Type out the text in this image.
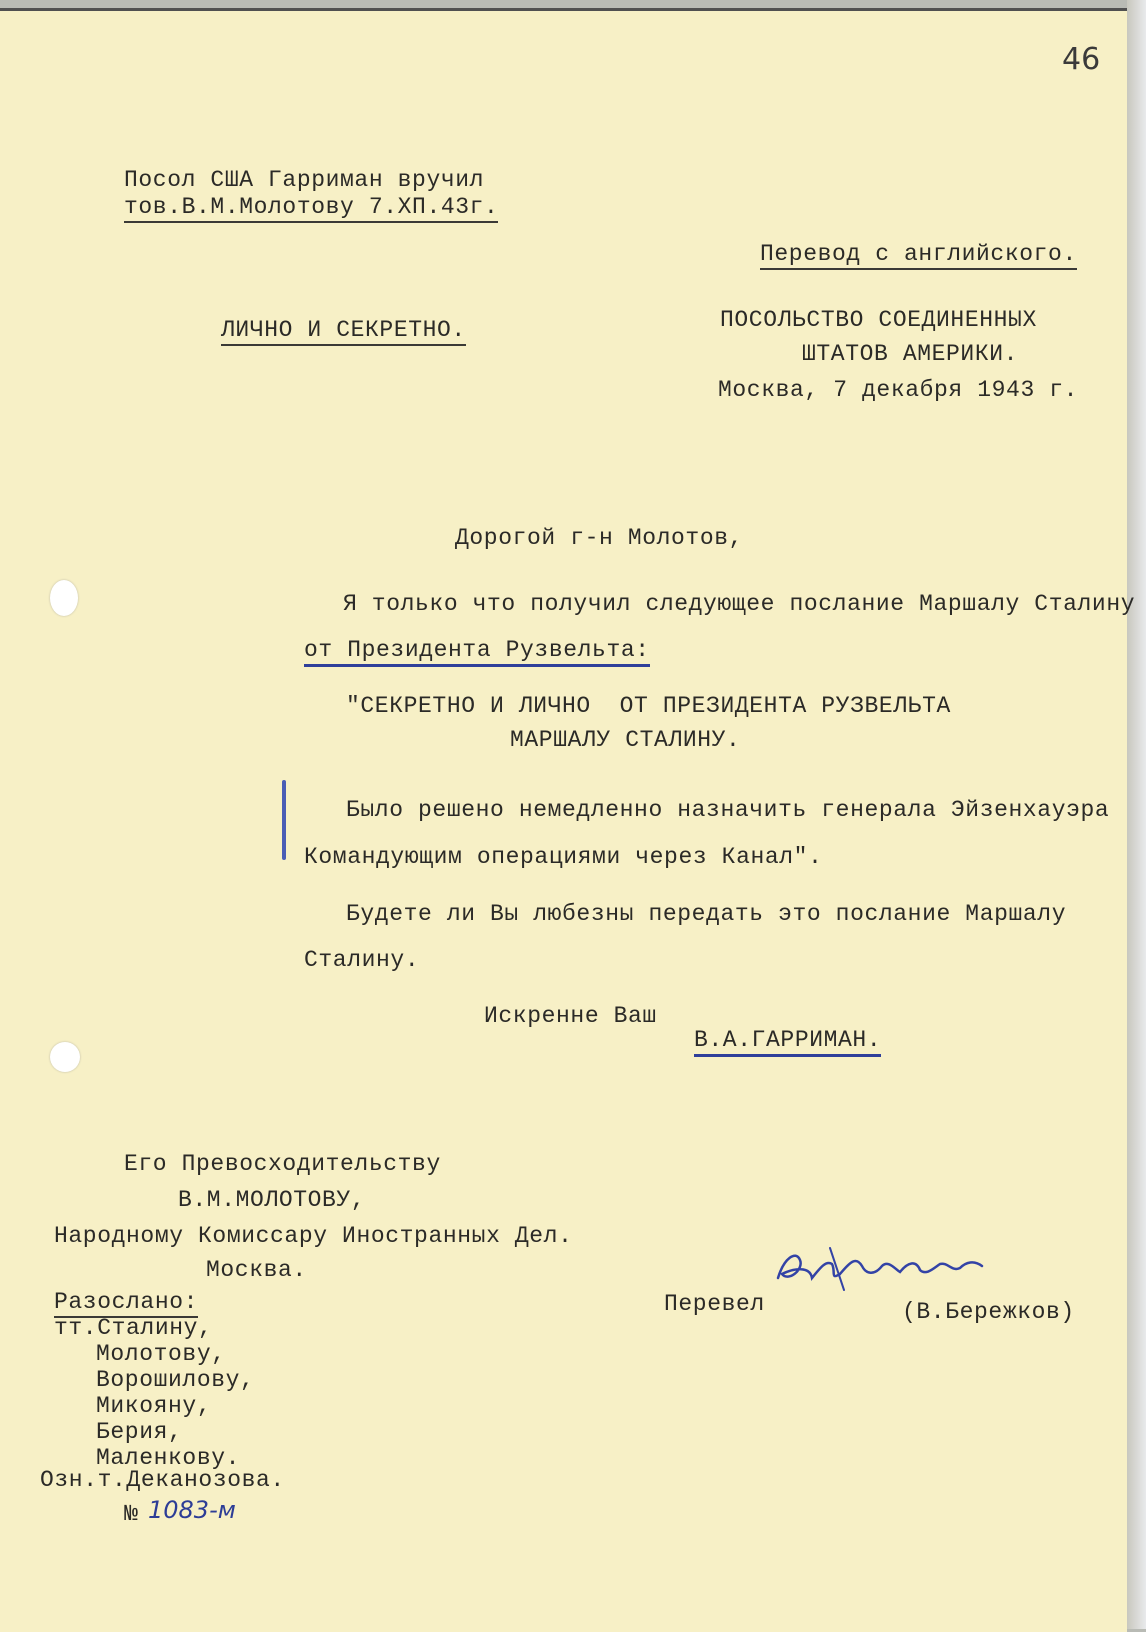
46
Посол США Гарриман вручил
тов.В.М.Молотову 7.ХП.43г.
Перевод с английского.
ЛИЧНО И СЕКРЕТНО.	ПОСОЛЬСТВО СОЕДИНЕННЫХ
ШТАТОВ АМЕРИКИ.
Москва, 7 декабря 1943 г.
Дорогой г-н Молотов,
Я только что получил следующее послание Маршалу Сталину
от Президента Рузвельта:
"СЕКРЕТНО И ЛИЧНО  ОТ ПРЕЗИДЕНТА РУЗВЕЛЬТА
МАРШАЛУ СТАЛИНУ.
Было решено немедленно назначить генерала Эйзенхауэра
Командующим операциями через Канал".
Будете ли Вы любезны передать это послание Маршалу
Сталину.
Искренне Ваш
В.А.ГАРРИМАН.
Его Превосходительству
В.М.МОЛОТОВУ,
Народному Комиссару Иностранных Дел.
Москва.
Разослано:
тт.Сталину,
Молотову,
Ворошилову,
Микояну,
Берия,
Маленкову.
Озн.т.Деканозова.
Перевел	(В.Бережков)
№ 1083-м
